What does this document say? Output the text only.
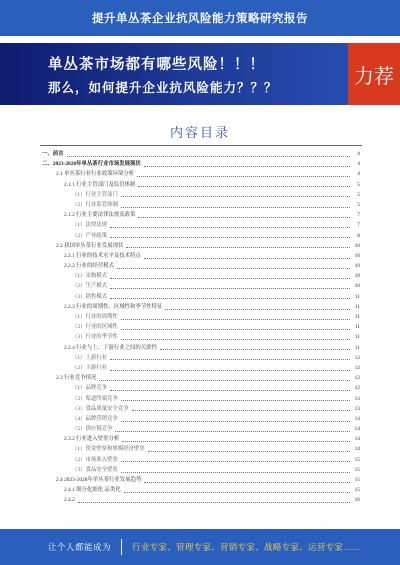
提升单丛茶企业抗风险能力策略研究报告
单丛茶市场都有哪些风险！！！
那么，如何提升企业抗风险能力？？？
力荐
内容目录
一、前言	4
二、2023-2028年单丛茶行业市场发展现状	4
2.1 单丛茶行业行业政策环境分析	4
2.1.1 行业主管部门及监管体制	5
（1）行业主管部门	5
（2）行业监管体制	5
2.1.2 行业主要法律法规及政策	7
（1）法律法规	7
（2）产业政策	8
2.2 我国单丛茶行业发展现状	10
2.2.1 行业的技术水平及技术特点	10
2.2.2 行业的经营模式	10
（1）采购模式	10
（2）生产模式	10
（3）销售模式	11
2.2.3 行业的周期性、区域性和季节性特征	11
（1）行业的周期性	11
（2）行业的区域性	11
（3）行业的季节性	11
2.2.4 行业与上、下游行业之间的关联性	11
（1）上游行业	12
（2）下游行业	12
2.3 行业竞争情况	12
（1）品牌竞争	12
（2）渠道终端竞争	13
（3）食品质量安全竞争	13
（4）品牌营销竞争	14
（5）供应链竞争	14
2.3.2 行业进入壁垒分析	14
（1）资金壁垒和规模经济壁垒	14
（2）市场准入壁垒	15
（3）食品安全壁垒	15
2.4 2023-2028年单丛茶行业发展趋势	15
2.4.1 细分化细化 品类化	15
2.4.2	16
让个人都能成为 行业专家、管理专家、营销专家、战略专家、运营专家……
